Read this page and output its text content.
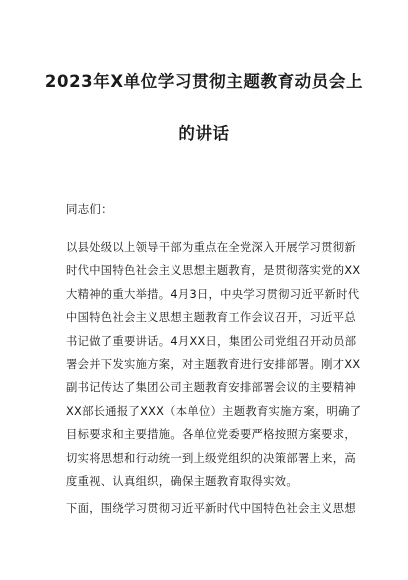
2023年X单位学习贯彻主题教育动员会上
的讲话
同志们：
以县处级以上领导干部为重点在全党深入开展学习贯彻新
时代中国特色社会主义思想主题教育，是贯彻落实党的XX
大精神的重大举措。4月3日，中央学习贯彻习近平新时代
中国特色社会主义思想主题教育工作会议召开，习近平总
书记做了重要讲话。4月XX日，集团公司党组召开动员部
署会并下发实施方案，对主题教育进行安排部署。刚才XX
副书记传达了集团公司主题教育安排部署会议的主要精神
XX部长通报了XXX（本单位）主题教育实施方案，明确了
目标要求和主要措施。各单位党委要严格按照方案要求，
切实将思想和行动统一到上级党组织的决策部署上来，高
度重视、认真组织，确保主题教育取得实效。
下面，围绕学习贯彻习近平新时代中国特色社会主义思想
